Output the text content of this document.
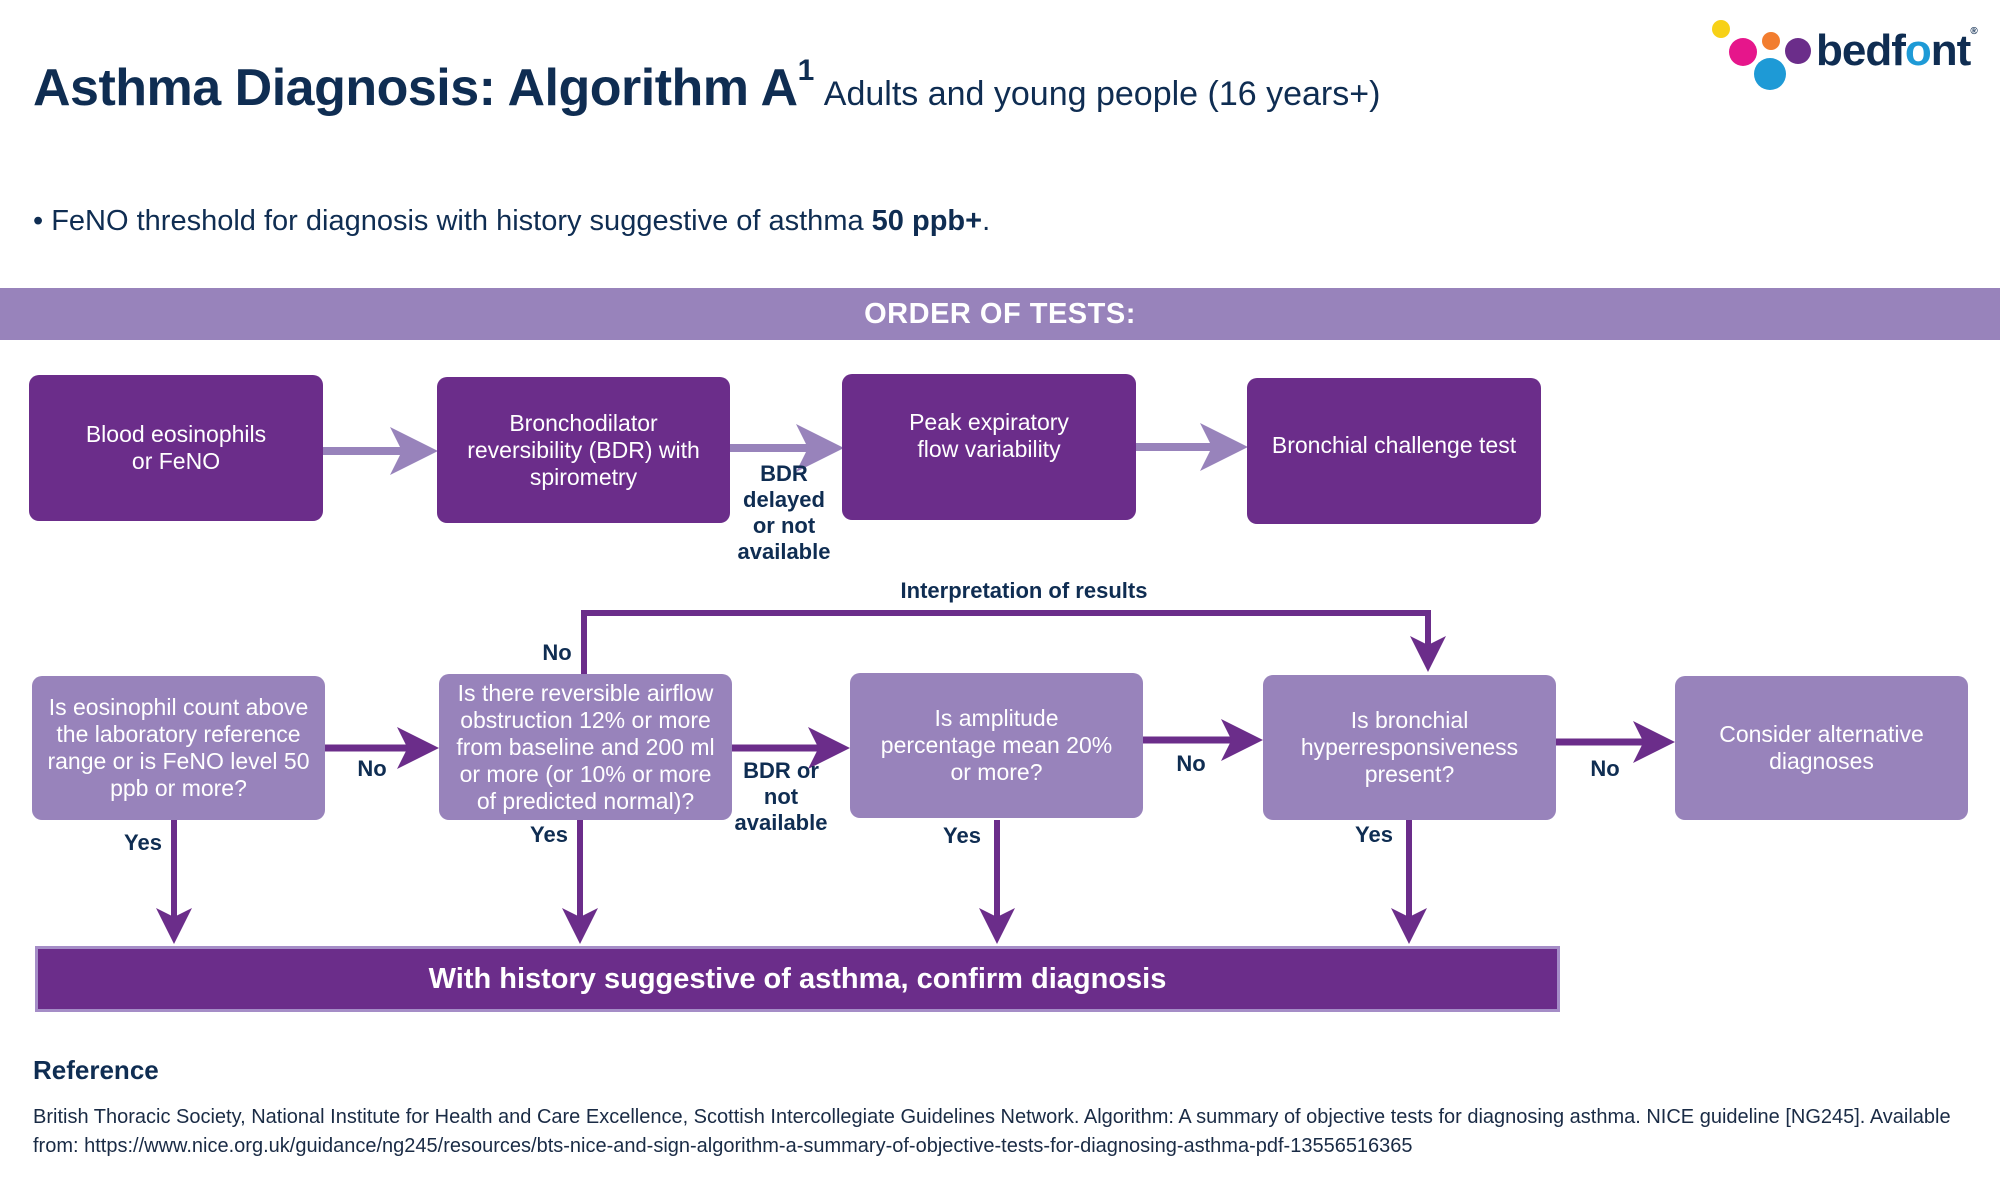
Asthma Diagnosis: Algorithm $A^1Adults$ and young people (16 years+)
bedfont®
• FeNO threshold for diagnosis with history suggestive of asthma 50 ppb+.
ORDER OF TESTS:
Blood eosinophils or FeNO
Bronchodilator reversibility (BDR) with spirometry
Peak expiratory flow variability	Bronchial challenge test
BDR delayed or not available
Interpretation of results
Is eosinophil count above the laboratory reference range or is FeNO level 50 ppb or more?
Is there reversible airflow obstruction 12% or more from baseline and 200 ml or more (or 10% or more of predicted normal)?
Is amplitude percentage mean 20% or more?
Is bronchial hyperresponsiveness present?
Consider alternative diagnoses
No
No
BDR or not available
No	No
Yes	Yes	Yes	Yes
With history suggestive of asthma, confirm diagnosis
Reference
British Thoracic Society, National Institute for Health and Care Excellence, Scottish Intercollegiate Guidelines Network. Algorithm: A summary of objective tests for diagnosing asthma. NICE guideline [NG245]. Available from: https://www.nice.org.uk/guidance/ng245/resources/bts-nice-and-sign-algorithm-a-summary-of-objective-tests-for-diagnosing-asthma-pdf-13556516365
